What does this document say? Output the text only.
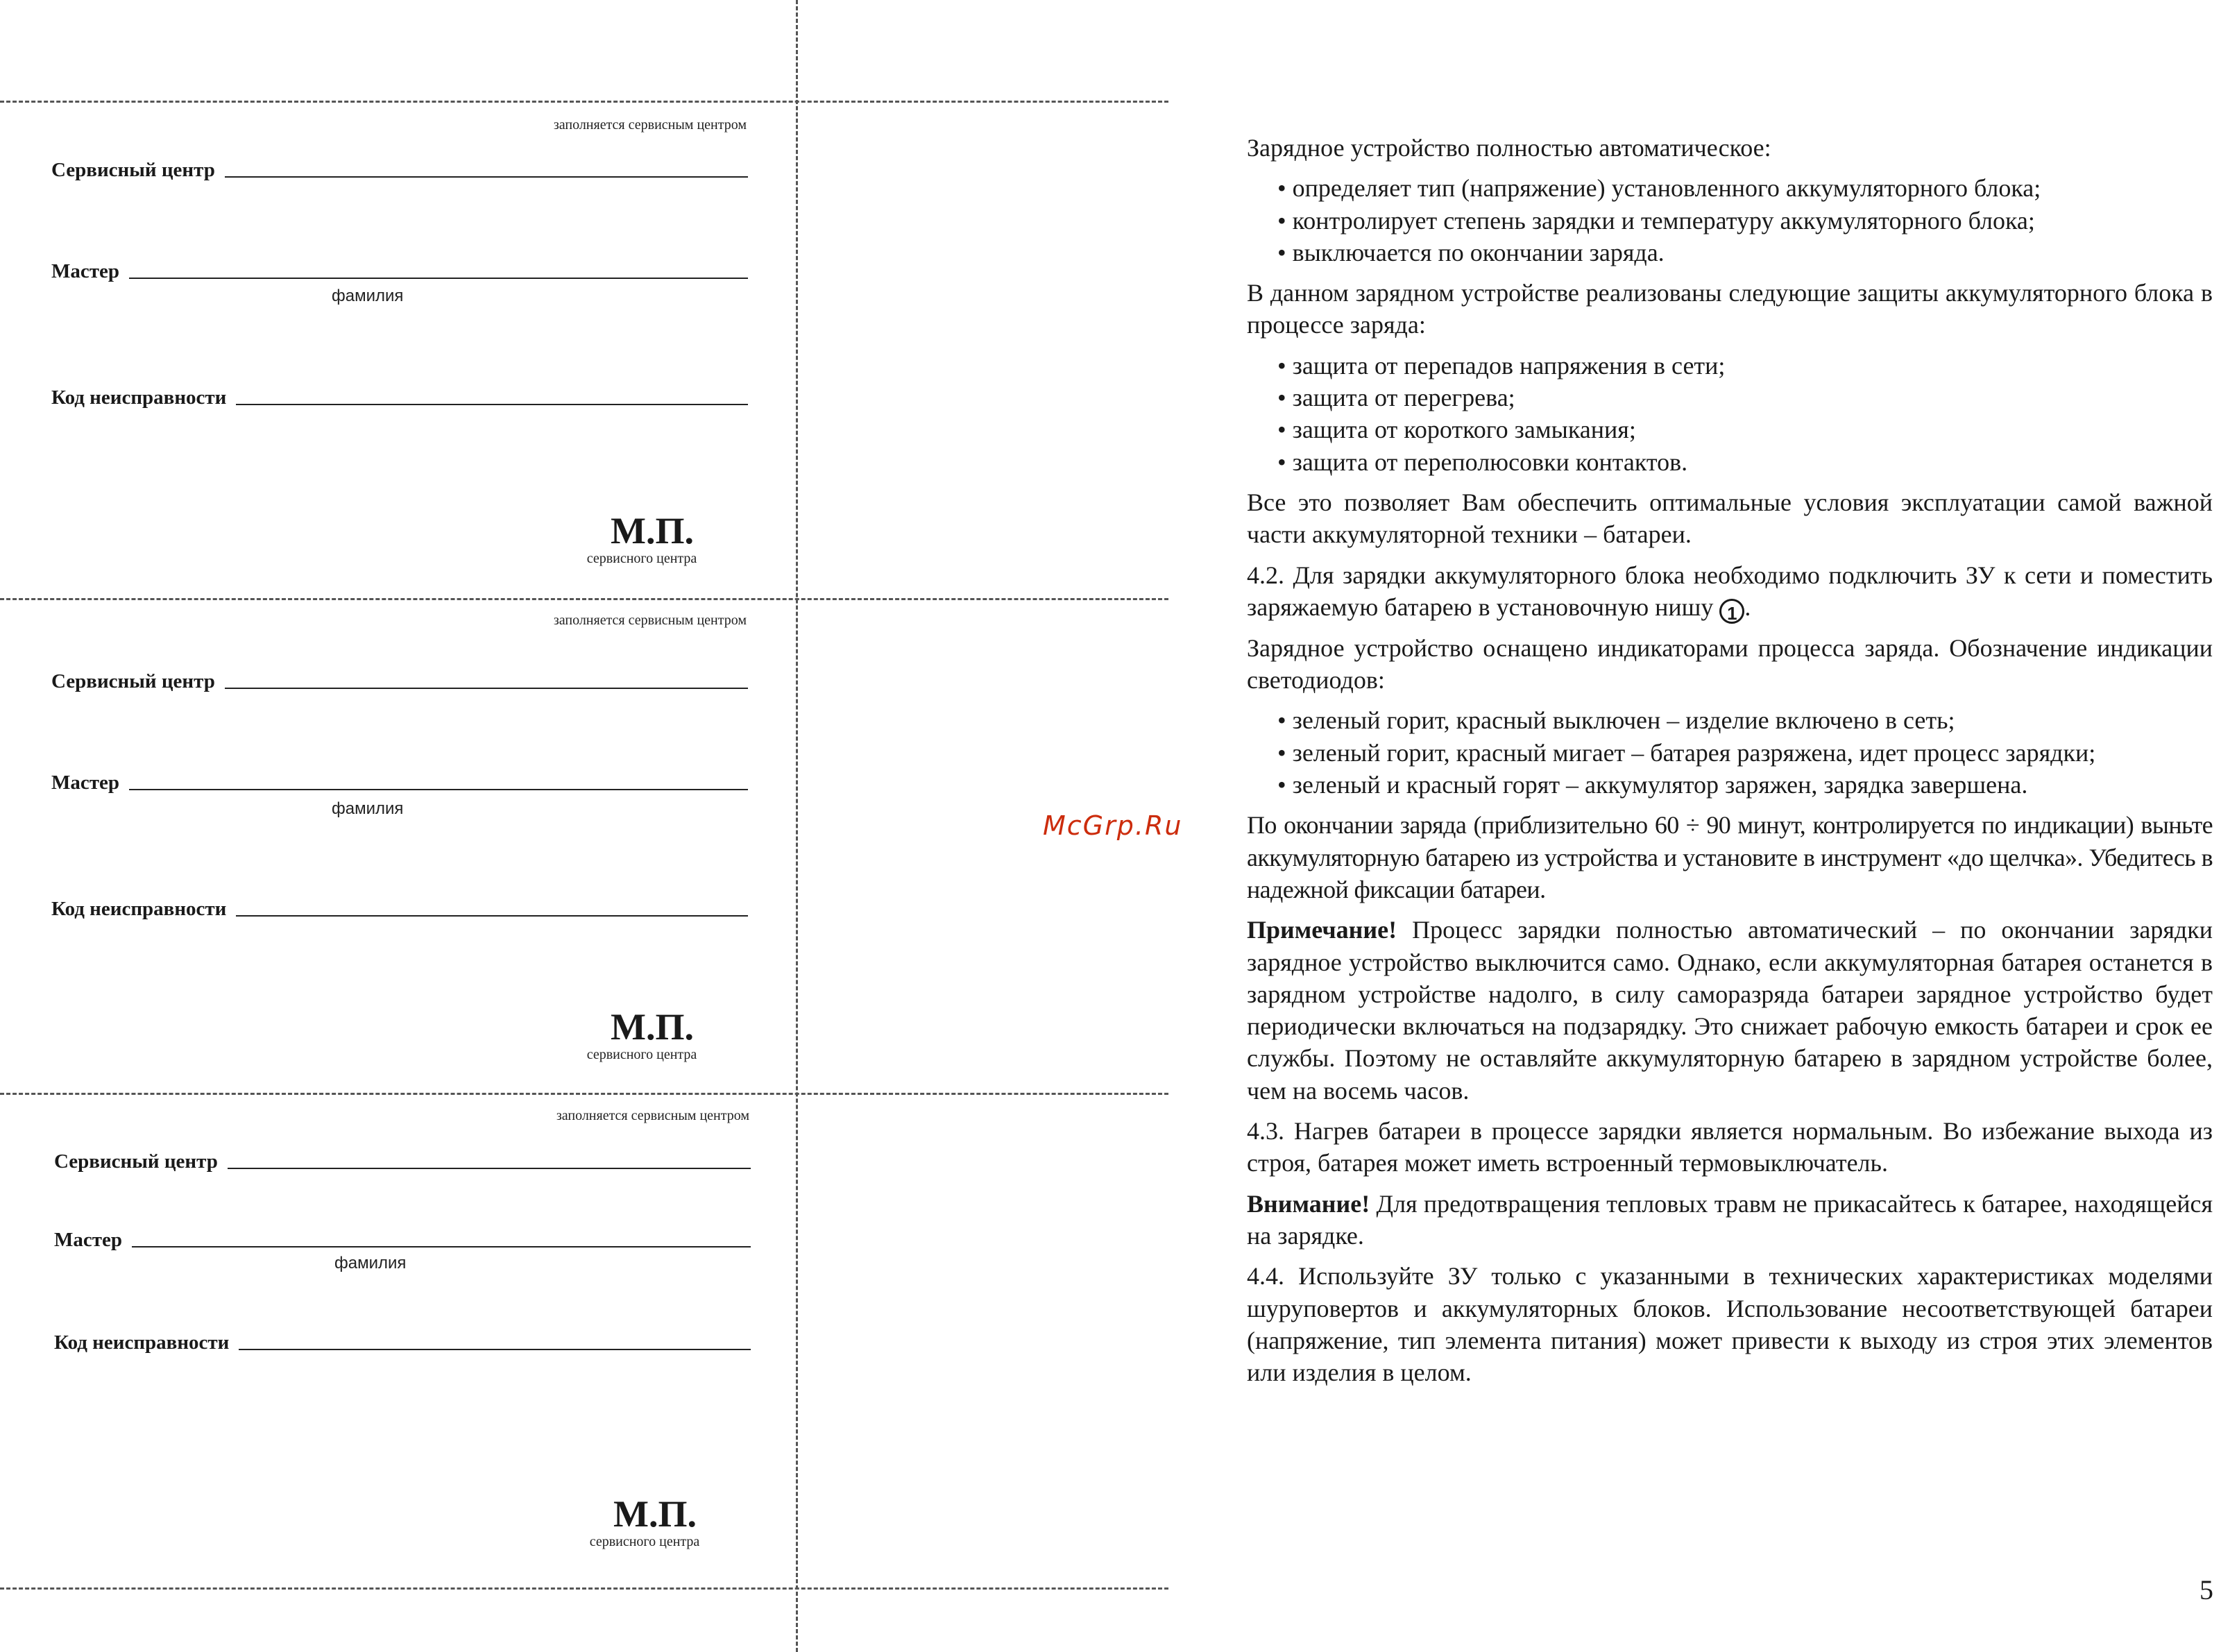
заполняется сервисным центром
Сервисный центр
Мастер
фамилия
Код неисправности
М.П.
сервисного центра
заполняется сервисным центром
Сервисный центр
Мастер
фамилия
Код неисправности
М.П.
сервисного центра
заполняется сервисным центром
Сервисный центр
Мастер
фамилия
Код неисправности
М.П.
сервисного центра
McGrp.Ru

Зарядное устройство полностью автоматическое:

• определяет тип (напряжение) установленного аккумуляторного блока;
• контролирует степень зарядки и температуру аккумуляторного блока;
• выключается по окончании заряда.

В данном зарядном устройстве реализованы следующие защиты аккумуляторного блока в процессе заряда:

• защита от перепадов напряжения в сети;
• защита от перегрева;
• защита от короткого замыкания;
• защита от переполюсовки контактов.

Все это позволяет Вам обеспечить оптимальные условия эксплуатации самой важной части аккумуляторной техники – батареи.

4.2. Для зарядки аккумуляторного блока необходимо подключить ЗУ к сети и поместить заряжаемую батарею в установочную нишу 1 .

Зарядное устройство оснащено индикаторами процесса заряда. Обозначение индикации светодиодов:

• зеленый горит, красный выключен – изделие включено в сеть;
• зеленый горит, красный мигает – батарея разряжена, идет процесс зарядки;
• зеленый и красный горят – аккумулятор заряжен, зарядка завершена.

По окончании заряда (приблизительно 60 ÷ 90 минут, контролируется по индикации) выньте аккумуляторную батарею из устройства и установите в инструмент «до щелчка». Убедитесь в надежной фиксации батареи.

Примечание! Процесс зарядки полностью автоматический – по окончании зарядки зарядное устройство выключится само. Однако, если аккумуляторная батарея останется в зарядном устройстве надолго, в силу саморазряда батареи зарядное устройство будет периодически включаться на подзарядку. Это снижает рабочую емкость батареи и срок ее службы. Поэтому не оставляйте аккумуляторную батарею в зарядном устройстве более, чем на восемь часов.

4.3. Нагрев батареи в процессе зарядки является нормальным. Во избежание выхода из строя, батарея может иметь встроенный термовыключатель.

Внимание! Для предотвращения тепловых травм не прикасайтесь к батарее, находящейся на зарядке.

4.4. Используйте ЗУ только с указанными в технических характеристиках моделями шуруповертов и аккумуляторных блоков. Использование несоответствующей батареи (напряжение, тип элемента питания) может привести к выходу из строя этих элементов или изделия в целом.

5
